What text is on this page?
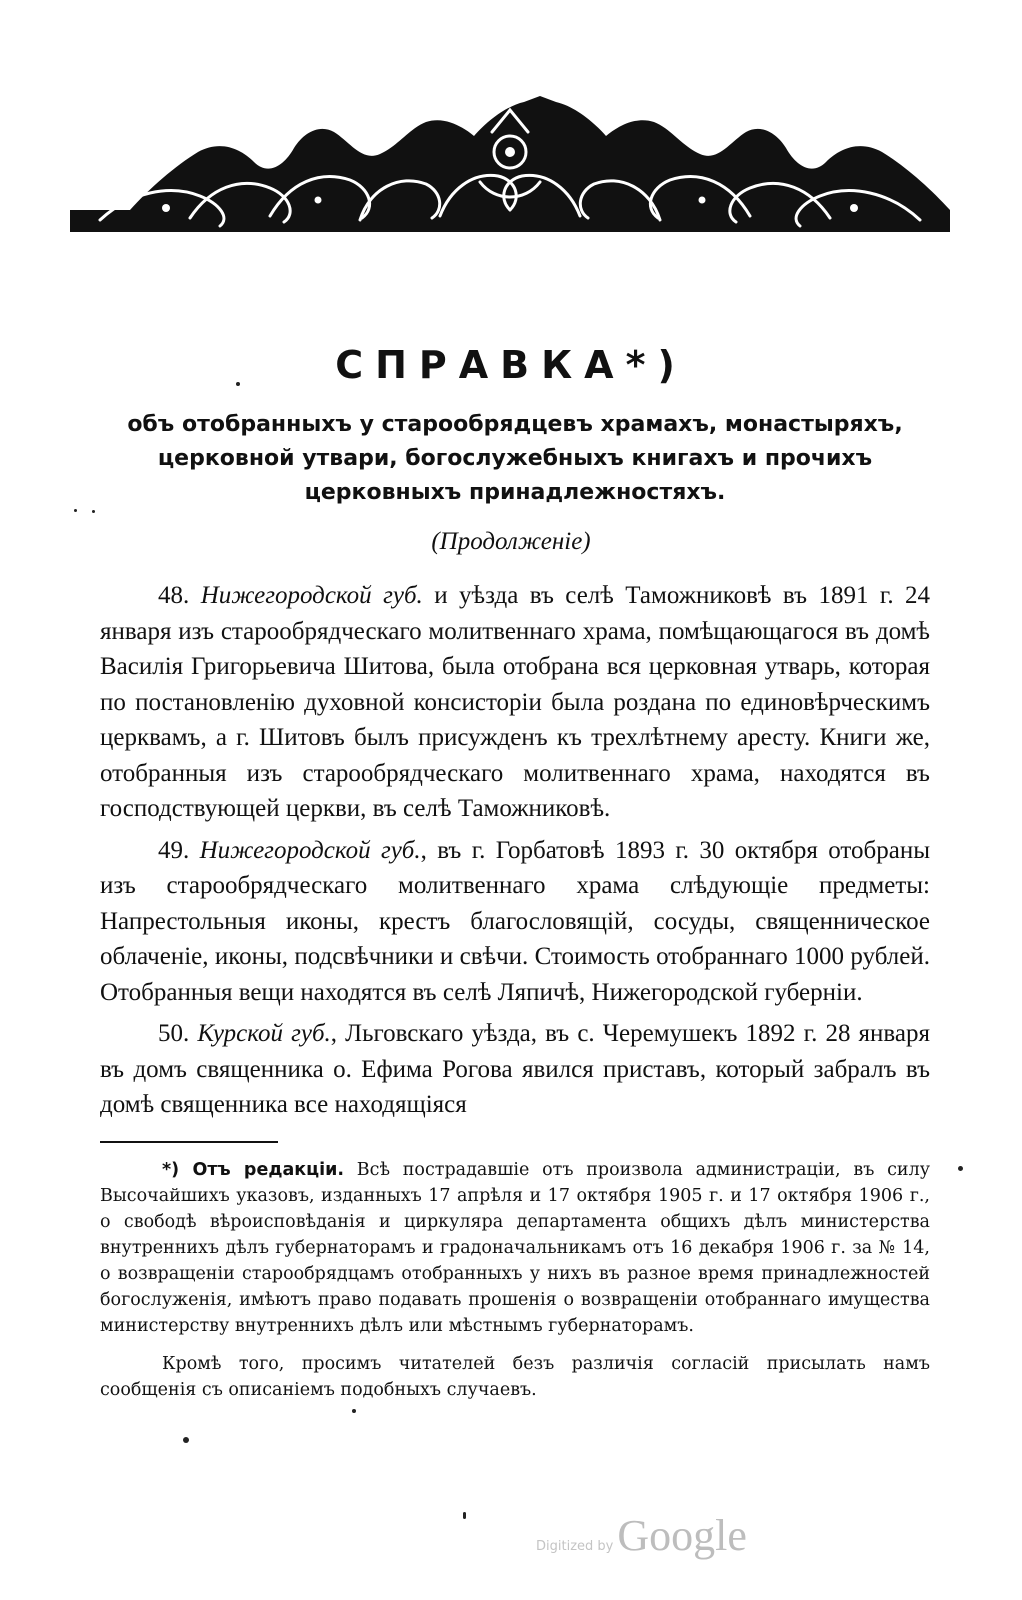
СПРАВКА*)

объ отобранныхъ у старообрядцевъ храмахъ, монастыряхъ, церковной утвари, богослужебныхъ книгахъ и прочихъ церковныхъ принадлежностяхъ.

(Продолженіе)

48. Нижегородской губ. и уѣзда въ селѣ Таможниковѣ въ 1891 г. 24 января изъ старообрядческаго молитвеннаго храма, помѣщающагося въ домѣ Василія Григорьевича Шитова, была отобрана вся церковная утварь, которая по постановленію духовной консисторіи была роздана по единовѣрческимъ церквамъ, а г. Шитовъ былъ присужденъ къ трехлѣтнему аресту. Книги же, отобранныя изъ старообрядческаго молитвеннаго храма, находятся въ господствующей церкви, въ селѣ Таможниковѣ.

49. Нижегородской губ., въ г. Горбатовѣ 1893 г. 30 октября отобраны изъ старообрядческаго молитвеннаго храма слѣдующіе предметы: Напрестольныя иконы, крестъ благословящій, сосуды, священническое облаченіе, иконы, подсвѣчники и свѣчи. Стоимость отобраннаго 1000 рублей. Отобранныя вещи находятся въ селѣ Ляпичѣ, Нижегородской губерніи.

50. Курской губ., Льговскаго уѣзда, въ с. Черемушекъ 1892 г. 28 января въ домъ священника о. Ефима Рогова явился приставъ, который забралъ въ домѣ священника все находящіяся

*) Отъ редакціи. Всѣ пострадавшіе отъ произвола администраціи, въ силу Высочайшихъ указовъ, изданныхъ 17 апрѣля и 17 октября 1905 г. и 17 октября 1906 г., о свободѣ вѣроисповѣданія и циркуляра департамента общихъ дѣлъ министерства внутреннихъ дѣлъ губернаторамъ и градоначальникамъ отъ 16 декабря 1906 г. за № 14, о возвращеніи старообрядцамъ отобранныхъ у нихъ въ разное время принадлежностей богослуженія, имѣютъ право подавать прошенія о возвращеніи отобраннаго имущества министерству внутреннихъ дѣлъ или мѣстнымъ губернаторамъ.

Кромѣ того, просимъ читателей безъ различія согласій присылать намъ сообщенія съ описаніемъ подобныхъ случаевъ.

Digitized by Google
